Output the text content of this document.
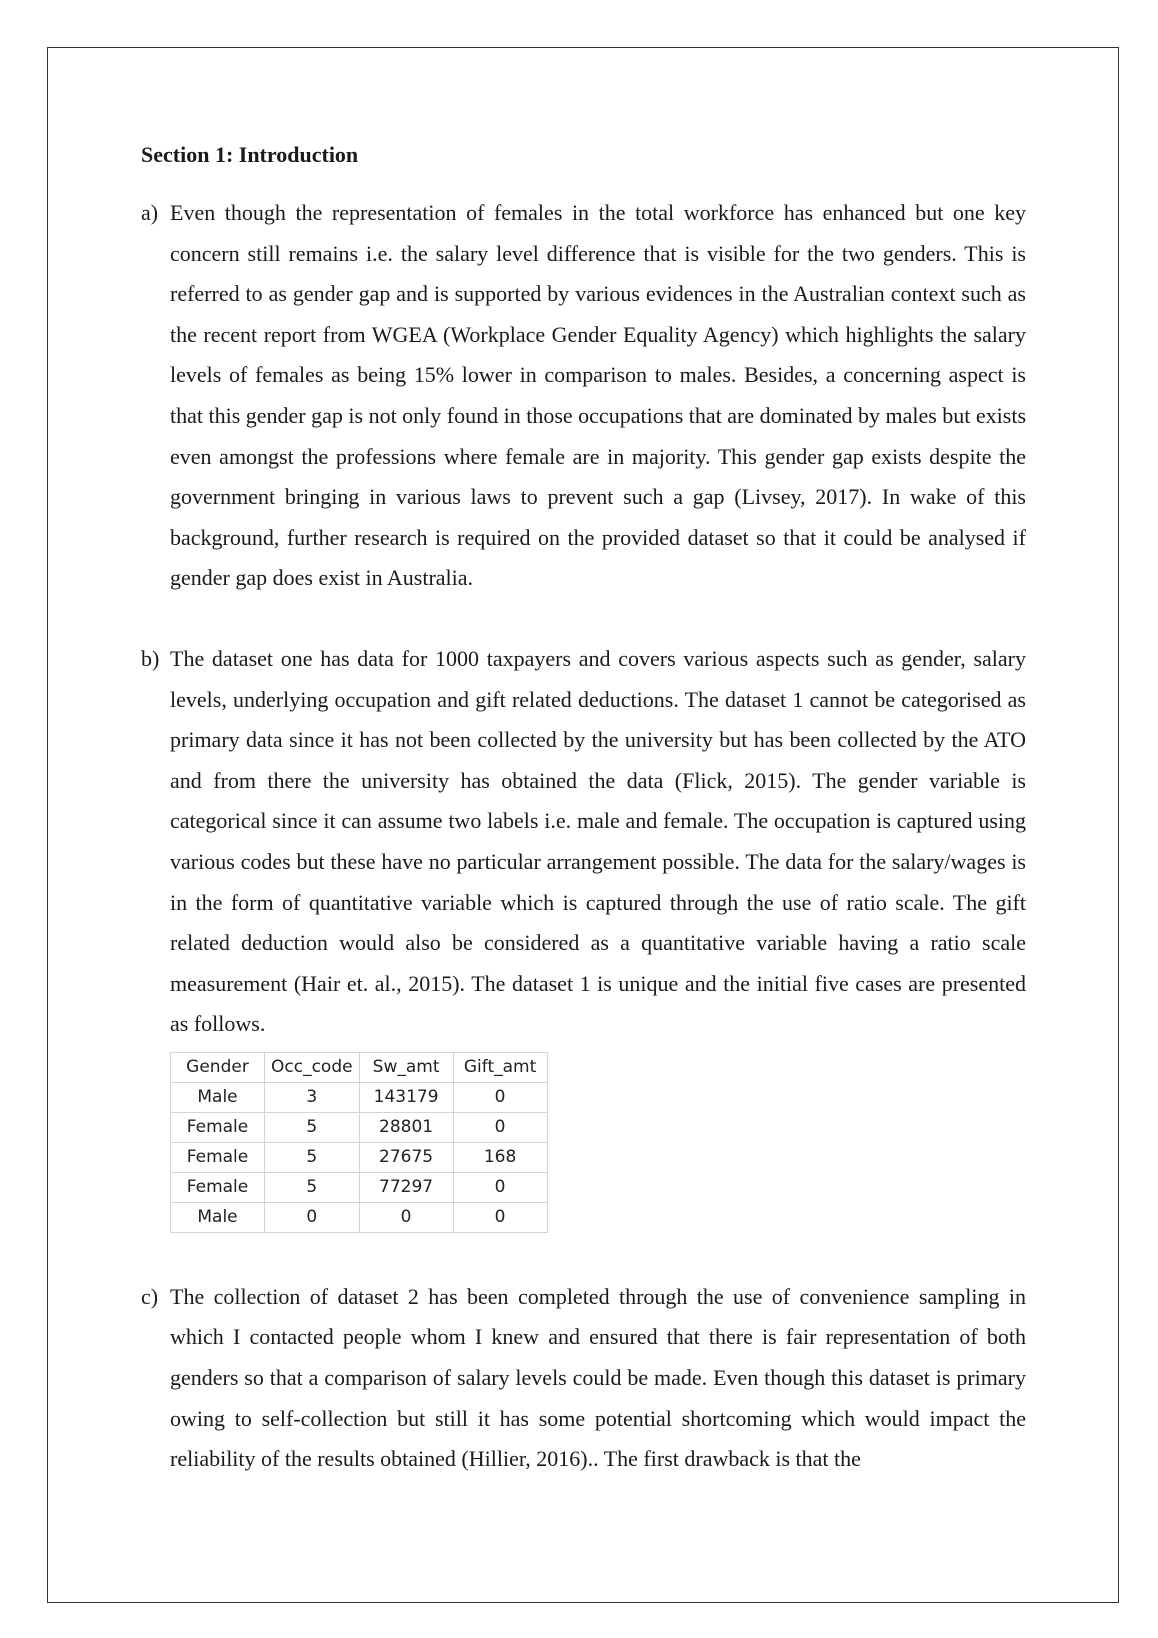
Section 1: Introduction
a) Even though the representation of females in the total workforce has enhanced but one key concern still remains i.e. the salary level difference that is visible for the two genders. This is referred to as gender gap and is supported by various evidences in the Australian context such as the recent report from WGEA (Workplace Gender Equality Agency) which highlights the salary levels of females as being 15% lower in comparison to males. Besides, a concerning aspect is that this gender gap is not only found in those occupations that are dominated by males but exists even amongst the professions where female are in majority. This gender gap exists despite the government bringing in various laws to prevent such a gap (Livsey, 2017). In wake of this background, further research is required on the provided dataset so that it could be analysed if gender gap does exist in Australia.
b) The dataset one has data for 1000 taxpayers and covers various aspects such as gender, salary levels, underlying occupation and gift related deductions. The dataset 1 cannot be categorised as primary data since it has not been collected by the university but has been collected by the ATO and from there the university has obtained the data (Flick, 2015). The gender variable is categorical since it can assume two labels i.e. male and female. The occupation is captured using various codes but these have no particular arrangement possible. The data for the salary/wages is in the form of quantitative variable which is captured through the use of ratio scale. The gift related deduction would also be considered as a quantitative variable having a ratio scale measurement (Hair et. al., 2015). The dataset 1 is unique and the initial five cases are presented as follows.
Gender	Occ_code	Sw_amt	Gift_amt
Male	3	143179	0
Female	5	28801	0
Female	5	27675	168
Female	5	77297	0
Male	0	0	0
c) The collection of dataset 2 has been completed through the use of convenience sampling in which I contacted people whom I knew and ensured that there is fair representation of both genders so that a comparison of salary levels could be made. Even though this dataset is primary owing to self-collection but still it has some potential shortcoming which would impact the reliability of the results obtained (Hillier, 2016).. The first drawback is that the
